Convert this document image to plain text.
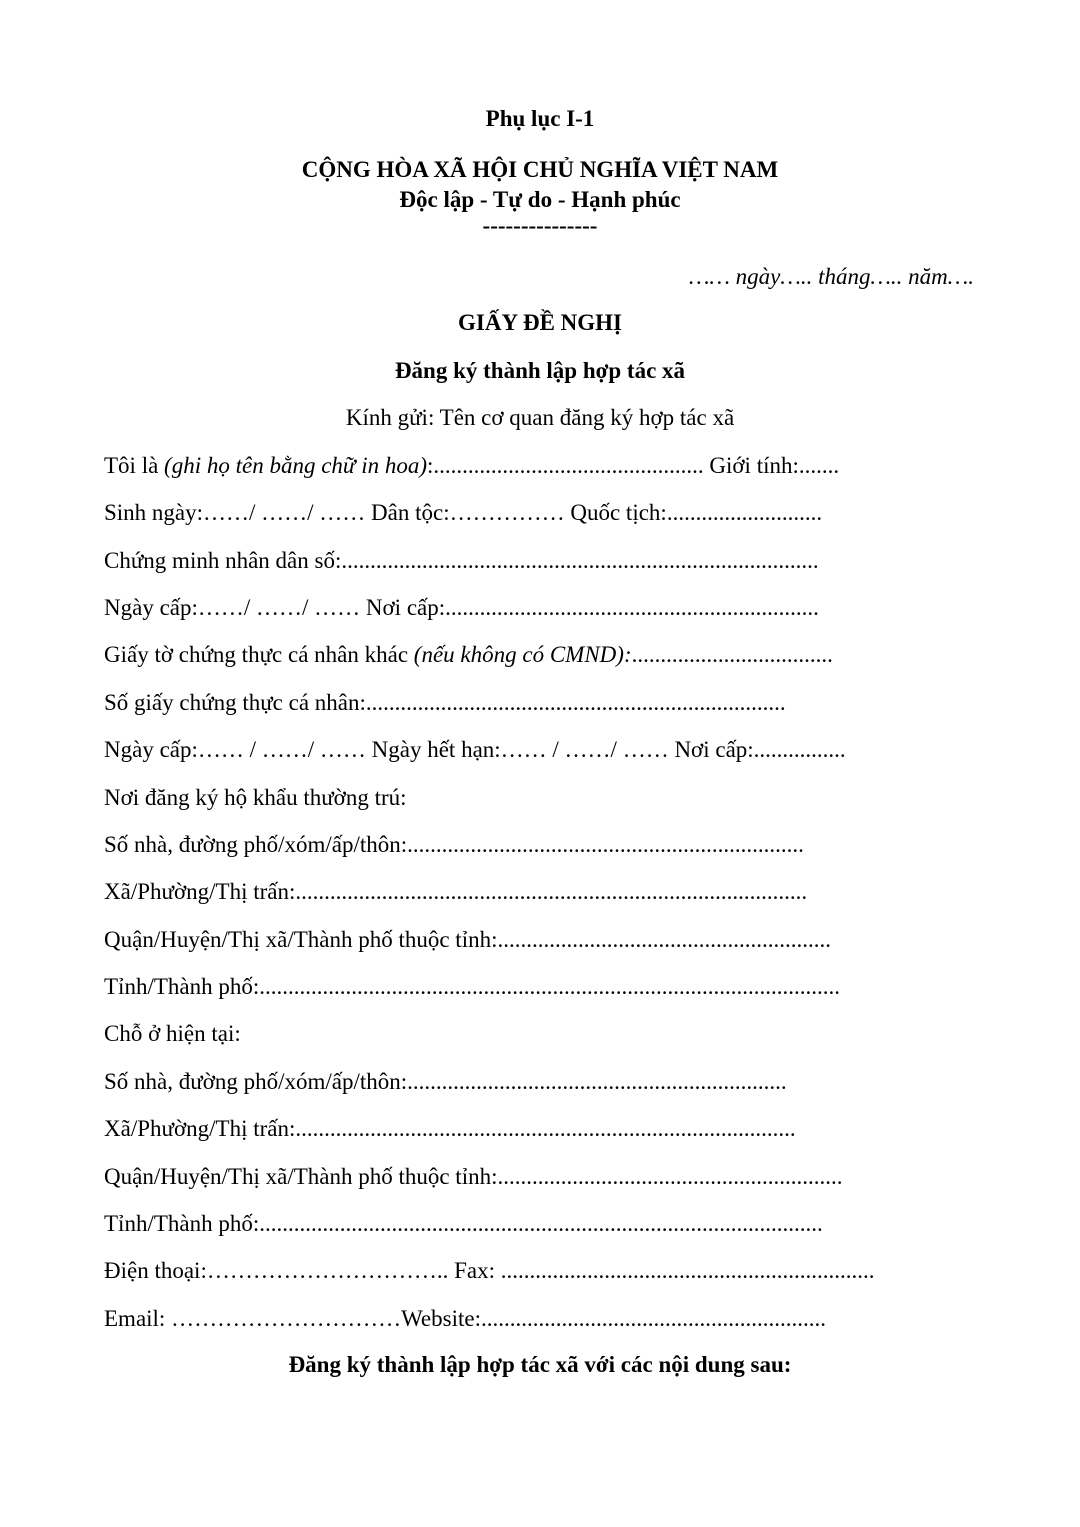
Phụ lục I-1
CỘNG HÒA XÃ HỘI CHỦ NGHĨA VIỆT NAM
Độc lập - Tự do - Hạnh phúc
---------------
…… ngày….. tháng….. năm….
GIẤY ĐỀ NGHỊ
Đăng ký thành lập hợp tác xã
Kính gửi: Tên cơ quan đăng ký hợp tác xã
Tôi là (ghi họ tên bằng chữ in hoa):............................................... Giới tính:.......
Sinh ngày:……/ ……/ …… Dân tộc:…………… Quốc tịch:...........................
Chứng minh nhân dân số:...................................................................................
Ngày cấp:……/ ……/ …… Nơi cấp:.................................................................
Giấy tờ chứng thực cá nhân khác (nếu không có CMND):...................................
Số giấy chứng thực cá nhân:.........................................................................
Ngày cấp:…… / ……/ …… Ngày hết hạn:…… / ……/ …… Nơi cấp:................
Nơi đăng ký hộ khẩu thường trú:
Số nhà, đường phố/xóm/ấp/thôn:.....................................................................
Xã/Phường/Thị trấn:.........................................................................................
Quận/Huyện/Thị xã/Thành phố thuộc tỉnh:..........................................................
Tỉnh/Thành phố:.....................................................................................................
Chỗ ở hiện tại:
Số nhà, đường phố/xóm/ấp/thôn:..................................................................
Xã/Phường/Thị trấn:.......................................................................................
Quận/Huyện/Thị xã/Thành phố thuộc tỉnh:............................................................
Tỉnh/Thành phố:..................................................................................................
Điện thoại:………………………….. Fax: .................................................................
Email: …………………………Website:............................................................
Đăng ký thành lập hợp tác xã với các nội dung sau:
